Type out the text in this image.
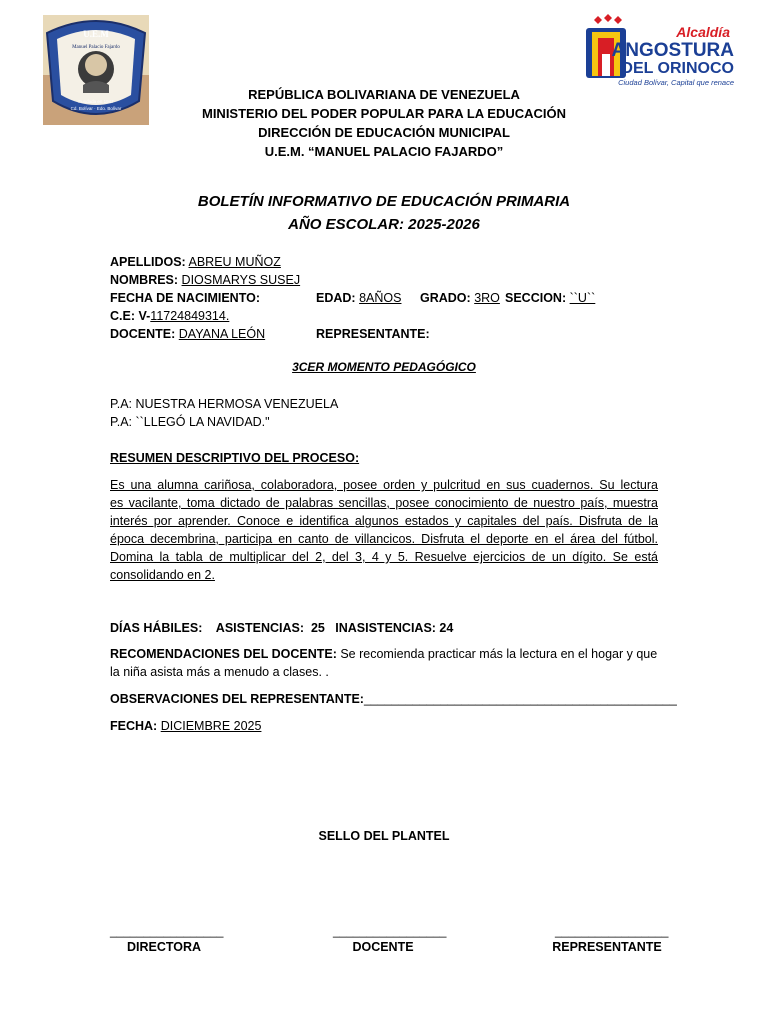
U.E.M
Manuel Palacio Fajardo
Fundada en 1947
Cd. Bolívar · Edo. Bolívar
Alcaldía
ANGOSTURA
DEL ORINOCO
Ciudad Bolívar, Capital que renace
REPÚBLICA BOLIVARIANA DE VENEZUELA
MINISTERIO DEL PODER POPULAR PARA LA EDUCACIÓN
DIRECCIÓN DE EDUCACIÓN MUNICIPAL
U.E.M. “MANUEL PALACIO FAJARDO”
BOLETÍN INFORMATIVO DE EDUCACIÓN PRIMARIA
AÑO ESCOLAR: 2025-2026
APELLIDOS: ABREU MUÑOZ
NOMBRES: DIOSMARYS SUSEJ
FECHA DE NACIMIENTO:	EDAD: 8AÑOS GRADO: 3RO SECCION: ``U``
C.E: V-11724849314.
DOCENTE: DAYANA LEÓN	REPRESENTANTE:
3CER MOMENTO PEDAGÓGICO
P.A: NUESTRA HERMOSA VENEZUELA
P.A: ``LLEGÓ LA NAVIDAD."
RESUMEN DESCRIPTIVO DEL PROCESO:
Es una alumna cariñosa, colaboradora, posee orden y pulcritud en sus cuadernos. Su lectura
es vacilante, toma dictado de palabras sencillas, posee conocimiento de nuestro país, muestra
interés por aprender. Conoce e identifica algunos estados y capitales del país. Disfruta de la
época decembrina, participa en canto de villancicos. Disfruta el deporte en el área del fútbol.
Domina la tabla de multiplicar del 2, del 3, 4 y 5. Resuelve ejercicios de un dígito. Se está
consolidando en 2.
DÍAS HÁBILES:    ASISTENCIAS:  25   INASISTENCIAS: 24
RECOMENDACIONES DEL DOCENTE: Se recomienda practicar más la lectura en el hogar y que
la niña asista más a menudo a clases. .
OBSERVACIONES DEL REPRESENTANTE:_____________________________________________
FECHA: DICIEMBRE 2025
SELLO DEL PLANTEL
_________________
DIRECTORA
_________________
DOCENTE
_________________
REPRESENTANTE
